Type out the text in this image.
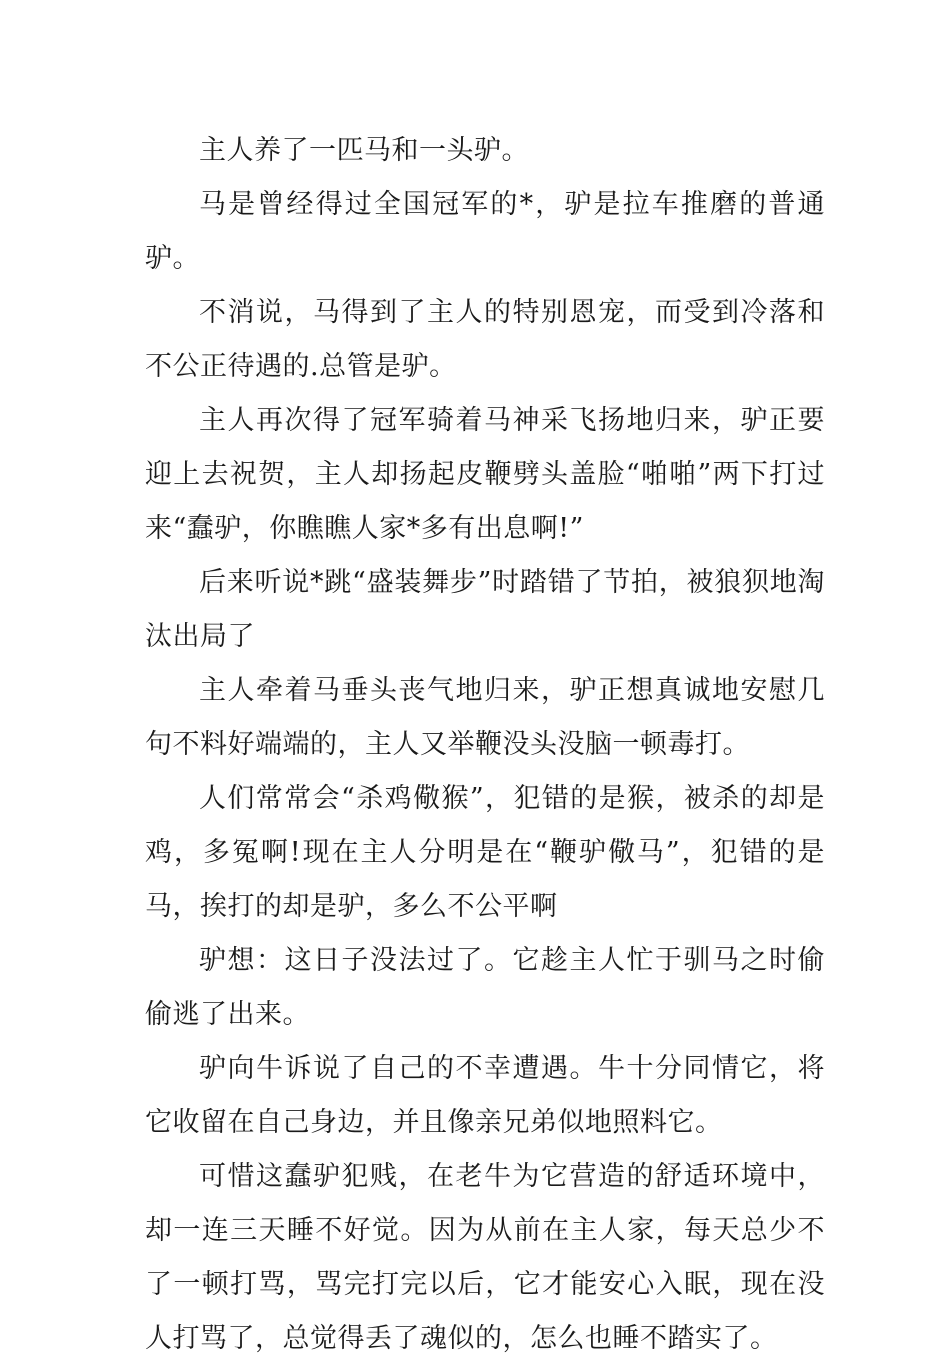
主人养了一匹马和一头驴。

马是曾经得过全国冠军的*，驴是拉车推磨的普通驴。

不消说，马得到了主人的特别恩宠，而受到冷落和不公正待遇的.总管是驴。

主人再次得了冠军骑着马神采飞扬地归来，驴正要迎上去祝贺，主人却扬起皮鞭劈头盖脸“啪啪”两下打过来“蠢驴，你瞧瞧人家*多有出息啊!”

后来听说*跳“盛装舞步”时踏错了节拍，被狼狈地淘汰出局了

主人牵着马垂头丧气地归来，驴正想真诚地安慰几句不料好端端的，主人又举鞭没头没脑一顿毒打。

人们常常会“杀鸡儆猴”，犯错的是猴，被杀的却是鸡，多冤啊!现在主人分明是在“鞭驴儆马”，犯错的是马，挨打的却是驴，多么不公平啊

驴想：这日子没法过了。它趁主人忙于驯马之时偷偷逃了出来。

驴向牛诉说了自己的不幸遭遇。牛十分同情它，将它收留在自己身边，并且像亲兄弟似地照料它。

可惜这蠢驴犯贱，在老牛为它营造的舒适环境中，却一连三天睡不好觉。因为从前在主人家，每天总少不了一顿打骂，骂完打完以后，它才能安心入眠，现在没人打骂了，总觉得丢了魂似的，怎么也睡不踏实了。
